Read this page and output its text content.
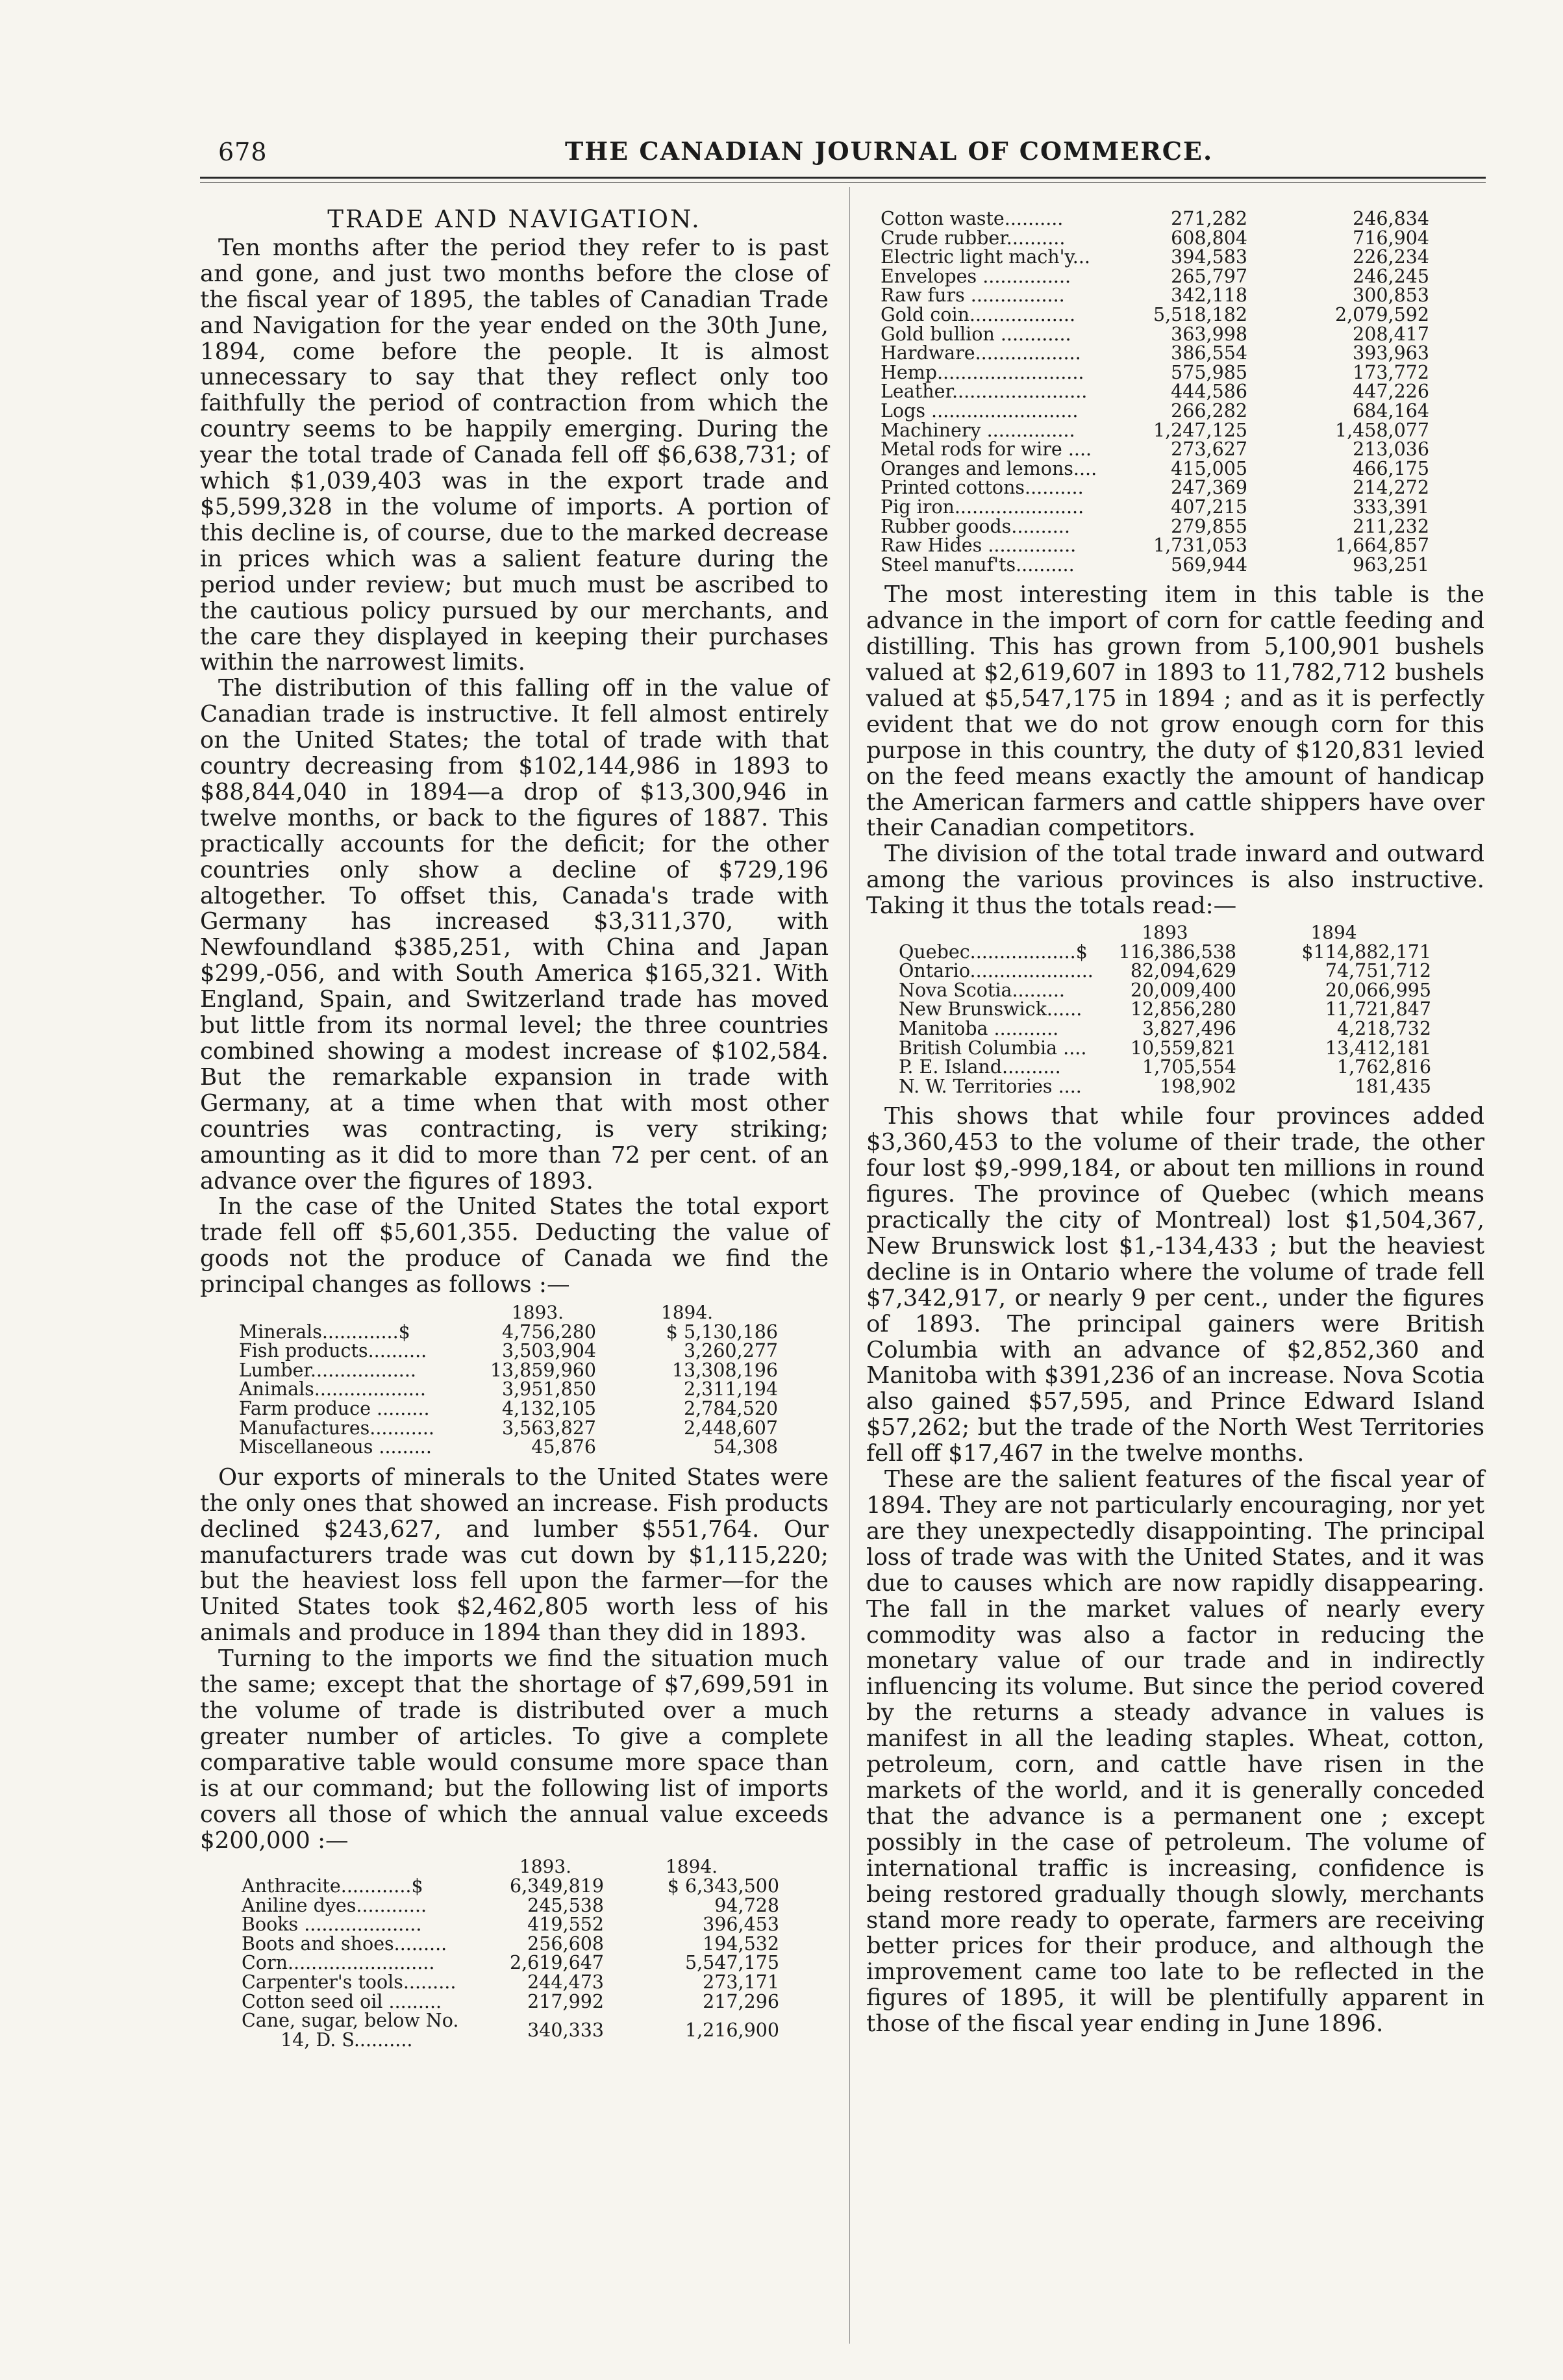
678	THE CANADIAN JOURNAL OF COMMERCE.
TRADE AND NAVIGATION.

Ten months after the period they refer to is past and gone, and just two months before the close of the fiscal year of 1895, the tables of Canadian Trade and Navigation for the year ended on the 30th June, 1894, come before the people. It is almost unnecessary to say that they reflect only too faithfully the period of contraction from which the country seems to be happily emerging. During the year the total trade of Canada fell off $6,638,731; of which $1,039,403 was in the export trade and $5,599,328 in the volume of imports. A portion of this decline is, of course, due to the marked decrease in prices which was a salient feature during the period under review; but much must be ascribed to the cautious policy pursued by our merchants, and the care they displayed in keeping their purchases within the narrowest limits.

The distribution of this falling off in the value of Canadian trade is instructive. It fell almost entirely on the United States; the total of trade with that country decreasing from $102,144,986 in 1893 to $88,844,040 in 1894—a drop of $13,300,946 in twelve months, or back to the figures of 1887. This practically accounts for the deficit; for the other countries only show a decline of $729,196 altogether. To offset this, Canada's trade with Germany has increased $3,311,370, with Newfoundland $385,251, with China and Japan $299,-056, and with South America $165,321. With England, Spain, and Switzerland trade has moved but little from its normal level; the three countries combined showing a modest increase of $102,584. But the remarkable expansion in trade with Germany, at a time when that with most other countries was contracting, is very striking; amounting as it did to more than 72 per cent. of an advance over the figures of 1893.

In the case of the United States the total export trade fell off $5,601,355. Deducting the value of goods not the produce of Canada we find the principal changes as follows :—

	1893.	1894.
Minerals.............$	4,756,280	$ 5,130,186
Fish products..........	3,503,904	3,260,277
Lumber..................	13,859,960	13,308,196
Animals...................	3,951,850	2,311,194
Farm produce .........	4,132,105	2,784,520
Manufactures...........	3,563,827	2,448,607
Miscellaneous .........	45,876	54,308

Our exports of minerals to the United States were the only ones that showed an increase. Fish products declined $243,627, and lumber $551,764. Our manufacturers trade was cut down by $1,115,220; but the heaviest loss fell upon the farmer—for the United States took $2,462,805 worth less of his animals and produce in 1894 than they did in 1893.

Turning to the imports we find the situation much the same; except that the shortage of $7,699,591 in the volume of trade is distributed over a much greater number of articles. To give a complete comparative table would consume more space than is at our command; but the following list of imports covers all those of which the annual value exceeds $200,000 :—

	1893.	1894.
Anthracite............$	6,349,819	$ 6,343,500
Aniline dyes............	245,538	94,728
Books ....................	419,552	396,453
Boots and shoes.........	256,608	194,532
Corn.........................	2,619,647	5,547,175
Carpenter's tools.........	244,473	273,171
Cotton seed oil .........	217,992	217,296

Cane, sugar, below No.
14, D. S..........	340,333	1,216,900
Cotton waste..........	271,282	246,834
Crude rubber..........	608,804	716,904
Electric light mach'y...	394,583	226,234
Envelopes ...............	265,797	246,245
Raw furs ................	342,118	300,853
Gold coin..................	5,518,182	2,079,592
Gold bullion ............	363,998	208,417
Hardware..................	386,554	393,963
Hemp.........................	575,985	173,772
Leather.......................	444,586	447,226
Logs .........................	266,282	684,164
Machinery ...............	1,247,125	1,458,077
Metal rods for wire ....	273,627	213,036
Oranges and lemons....	415,005	466,175
Printed cottons..........	247,369	214,272
Pig iron......................	407,215	333,391
Rubber goods..........	279,855	211,232
Raw Hides ...............	1,731,053	1,664,857
Steel manuf'ts..........	569,944	963,251

The most interesting item in this table is the advance in the import of corn for cattle feeding and distilling. This has grown from 5,100,901 bushels valued at $2,619,607 in 1893 to 11,782,712 bushels valued at $5,547,175 in 1894 ; and as it is perfectly evident that we do not grow enough corn for this purpose in this country, the duty of $120,831 levied on the feed means exactly the amount of handicap the American farmers and cattle shippers have over their Canadian competitors.

The division of the total trade inward and outward among the various provinces is also instructive. Taking it thus the totals read:—

	1893	1894
Quebec..................$	116,386,538	$114,882,171
Ontario.....................	82,094,629	74,751,712
Nova Scotia.........	20,009,400	20,066,995
New Brunswick......	12,856,280	11,721,847
Manitoba ...........	3,827,496	4,218,732
British Columbia ....	10,559,821	13,412,181
P. E. Island..........	1,705,554	1,762,816
N. W. Territories ....	198,902	181,435

This shows that while four provinces added $3,360,453 to the volume of their trade, the other four lost $9,-999,184, or about ten millions in round figures. The province of Quebec (which means practically the city of Montreal) lost $1,504,367, New Brunswick lost $1,-134,433 ; but the heaviest decline is in Ontario where the volume of trade fell $7,342,917, or nearly 9 per cent., under the figures of 1893. The principal gainers were British Columbia with an advance of $2,852,360 and Manitoba with $391,236 of an increase. Nova Scotia also gained $57,595, and Prince Edward Island $57,262; but the trade of the North West Territories fell off $17,467 in the twelve months.

These are the salient features of the fiscal year of 1894. They are not particularly encouraging, nor yet are they unexpectedly disappointing. The principal loss of trade was with the United States, and it was due to causes which are now rapidly disappearing. The fall in the market values of nearly every commodity was also a factor in reducing the monetary value of our trade and in indirectly influencing its volume. But since the period covered by the returns a steady advance in values is manifest in all the leading staples. Wheat, cotton, petroleum, corn, and cattle have risen in the markets of the world, and it is generally conceded that the advance is a permanent one ; except possibly in the case of petroleum. The volume of international traffic is increasing, confidence is being restored gradually though slowly, merchants stand more ready to operate, farmers are receiving better prices for their produce, and although the improvement came too late to be reflected in the figures of 1895, it will be plentifully apparent in those of the fiscal year ending in June 1896.
